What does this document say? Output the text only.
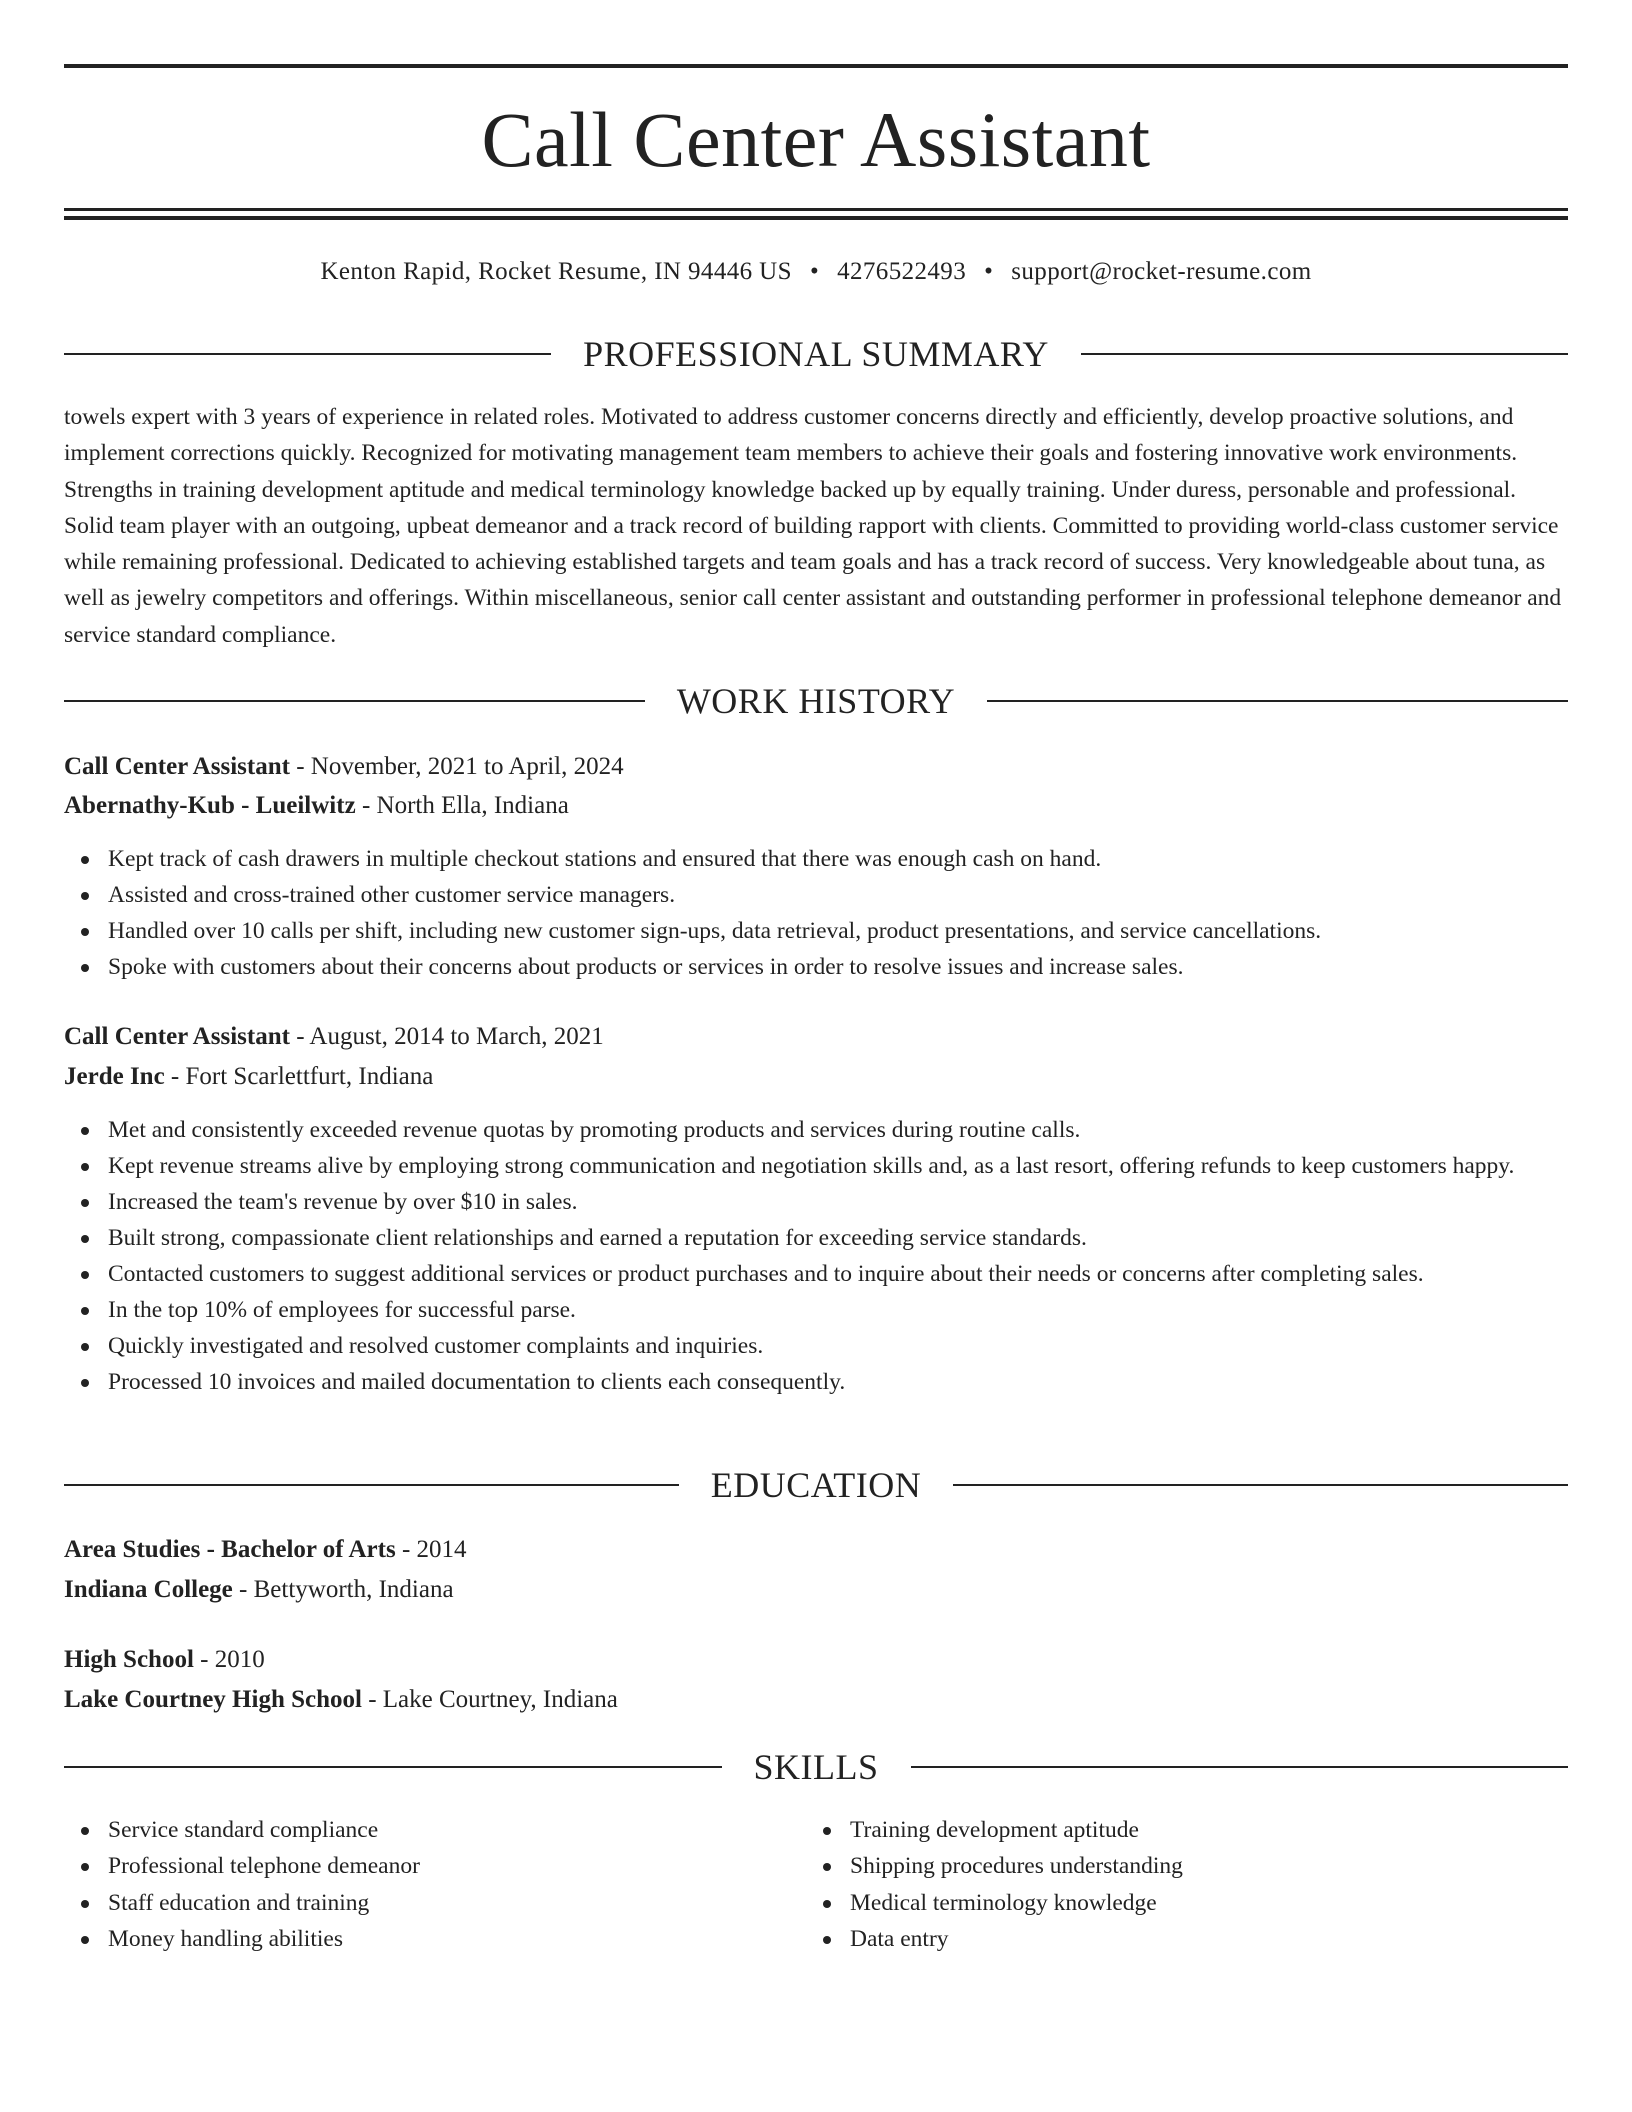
Call Center Assistant
Kenton Rapid, Rocket Resume, IN 94446 US • 4276522493 • support@rocket-resume.com
PROFESSIONAL SUMMARY

towels expert with 3 years of experience in related roles. Motivated to address customer concerns directly and efficiently, develop proactive solutions, and implement corrections quickly. Recognized for motivating management team members to achieve their goals and fostering innovative work environments. Strengths in training development aptitude and medical terminology knowledge backed up by equally training. Under duress, personable and professional. Solid team player with an outgoing, upbeat demeanor and a track record of building rapport with clients. Committed to providing world-class customer service while remaining professional. Dedicated to achieving established targets and team goals and has a track record of success. Very knowledgeable about tuna, as well as jewelry competitors and offerings. Within miscellaneous, senior call center assistant and outstanding performer in professional telephone demeanor and service standard compliance.

WORK HISTORY
Call Center Assistant - November, 2021 to April, 2024
Abernathy-Kub - Lueilwitz - North Ella, Indiana
Kept track of cash drawers in multiple checkout stations and ensured that there was enough cash on hand.
Assisted and cross-trained other customer service managers.
Handled over 10 calls per shift, including new customer sign-ups, data retrieval, product presentations, and service cancellations.
Spoke with customers about their concerns about products or services in order to resolve issues and increase sales.
Call Center Assistant - August, 2014 to March, 2021
Jerde Inc - Fort Scarlettfurt, Indiana
Met and consistently exceeded revenue quotas by promoting products and services during routine calls.
Kept revenue streams alive by employing strong communication and negotiation skills and, as a last resort, offering refunds to keep customers happy.
Increased the team's revenue by over $10 in sales.
Built strong, compassionate client relationships and earned a reputation for exceeding service standards.
Contacted customers to suggest additional services or product purchases and to inquire about their needs or concerns after completing sales.
In the top 10% of employees for successful parse.
Quickly investigated and resolved customer complaints and inquiries.
Processed 10 invoices and mailed documentation to clients each consequently.
EDUCATION
Area Studies - Bachelor of Arts - 2014
Indiana College - Bettyworth, Indiana
High School - 2010
Lake Courtney High School - Lake Courtney, Indiana
SKILLS
Service standard compliance
Professional telephone demeanor
Staff education and training
Money handling abilities
Training development aptitude
Shipping procedures understanding
Medical terminology knowledge
Data entry
